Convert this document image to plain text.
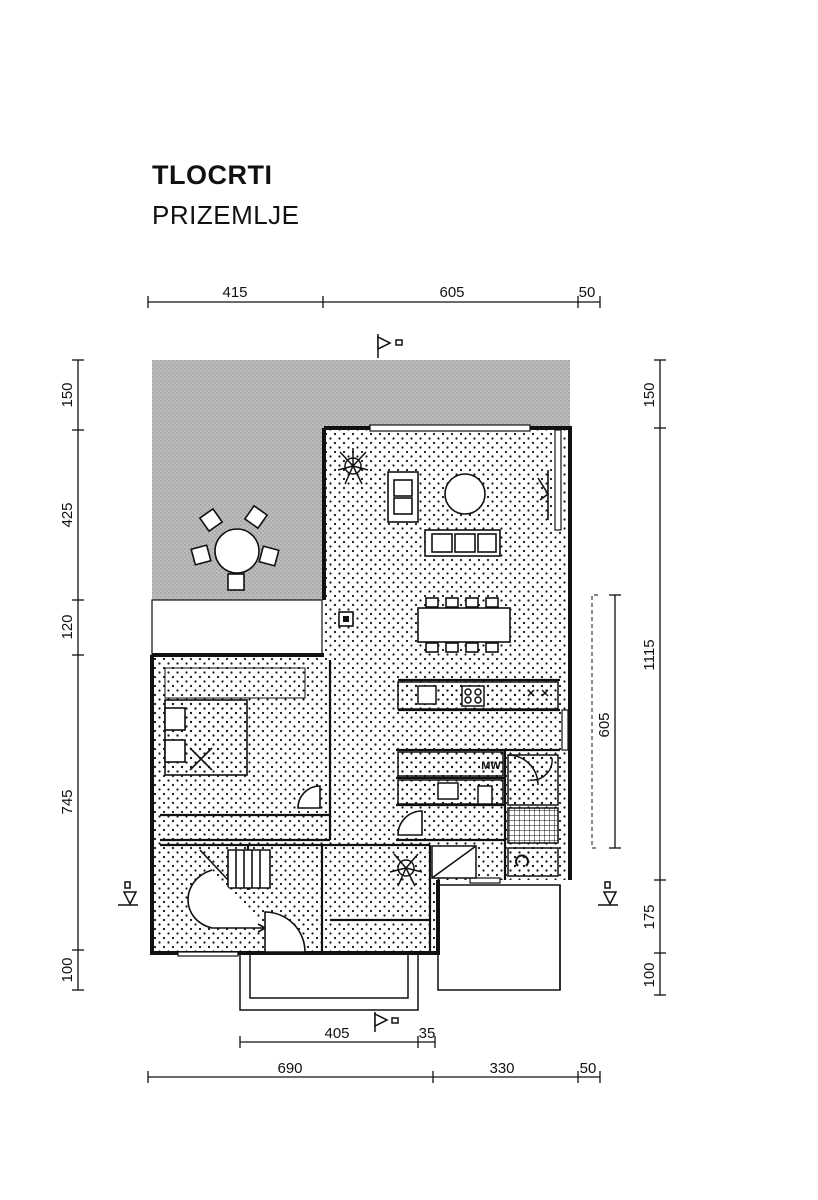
TLOCRTI
PRIZEMLJE
415	605	50
405	35
690	330	50
150
425
120
745
100
150
1115
175
100
605
MW
